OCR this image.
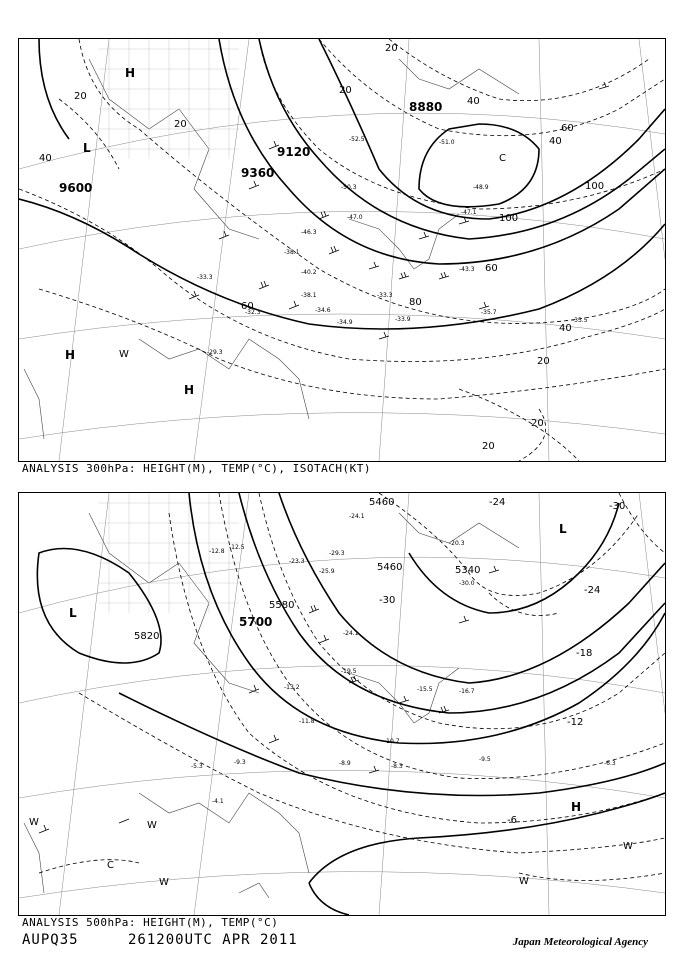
9600
9360
9120
8880
20
20
20
20
20
20
20
40
40
40
40
60
60
60
80
100
100
H
L
H
H
W
C
-43.3
-47.1
-50.3
-52.5
-40.2
-38.1
-34.6
-34.9	-33.9
-35.7
-33.3
-33.5
-29.3
-32.3
-33.3
-38.1
-46.3
-48.9
-47.0
-51.0
ANALYSIS 300hPa: HEIGHT(M), TEMP(°C), ISOTACH(KT)
5460
5580
5700
5820
5340
5460
-30
-24
-18
-12
-6
-24	-30
L
L
H
W	W
W	W
W
C
-24.1
-29.3
-25.9
-23.3
-24.1
-19.5
-12.5
-13.2	-15.5	-16.7
-11.8
-10.7
-8.9	-8.3
-9.5
-6.3
-4.1
-5.3
-9.3
-12.8
-20.3
-30.0
ANALYSIS 500hPa: HEIGHT(M), TEMP(°C)
AUPQ35	261200UTC APR 2011	Japan Meteorological Agency
